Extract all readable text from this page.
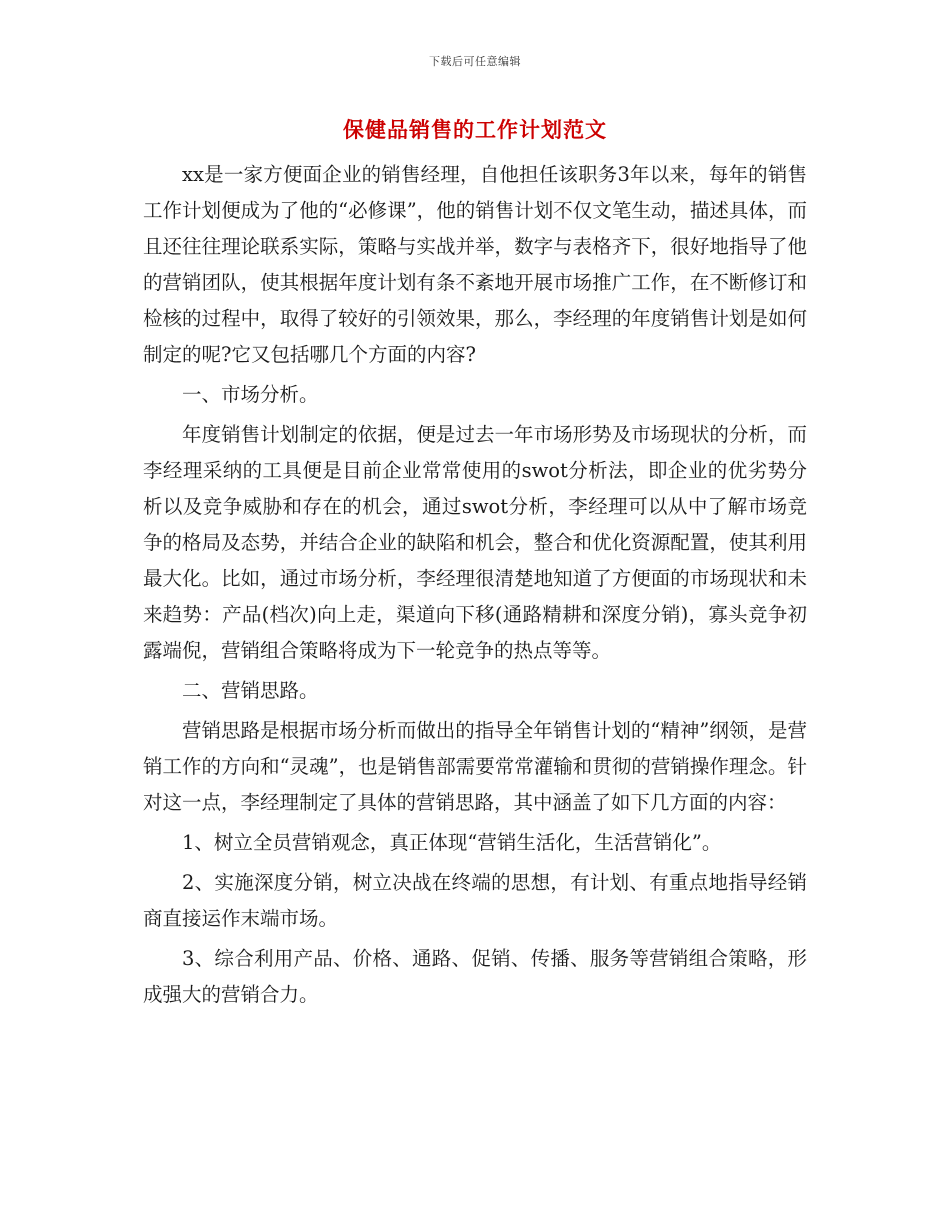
下载后可任意编辑
保健品销售的工作计划范文

xx是一家方便面企业的销售经理，自他担任该职务3年以来，每年的销售工作计划便成为了他的“必修课”，他的销售计划不仅文笔生动，描述具体，而且还往往理论联系实际，策略与实战并举，数字与表格齐下，很好地指导了他的营销团队，使其根据年度计划有条不紊地开展市场推广工作，在不断修订和检核的过程中，取得了较好的引领效果，那么，李经理的年度销售计划是如何制定的呢?它又包括哪几个方面的内容?

一、市场分析。

年度销售计划制定的依据，便是过去一年市场形势及市场现状的分析，而李经理采纳的工具便是目前企业常常使用的swot分析法，即企业的优劣势分析以及竞争威胁和存在的机会，通过swot分析，李经理可以从中了解市场竞争的格局及态势，并结合企业的缺陷和机会，整合和优化资源配置，使其利用最大化。比如，通过市场分析，李经理很清楚地知道了方便面的市场现状和未来趋势：产品(档次)向上走，渠道向下移(通路精耕和深度分销)，寡头竞争初露端倪，营销组合策略将成为下一轮竞争的热点等等。

二、营销思路。

营销思路是根据市场分析而做出的指导全年销售计划的“精神”纲领，是营销工作的方向和“灵魂”，也是销售部需要常常灌输和贯彻的营销操作理念。针对这一点，李经理制定了具体的营销思路，其中涵盖了如下几方面的内容：

1、树立全员营销观念，真正体现“营销生活化，生活营销化”。

2、实施深度分销，树立决战在终端的思想，有计划、有重点地指导经销商直接运作末端市场。

3、综合利用产品、价格、通路、促销、传播、服务等营销组合策略，形成强大的营销合力。
